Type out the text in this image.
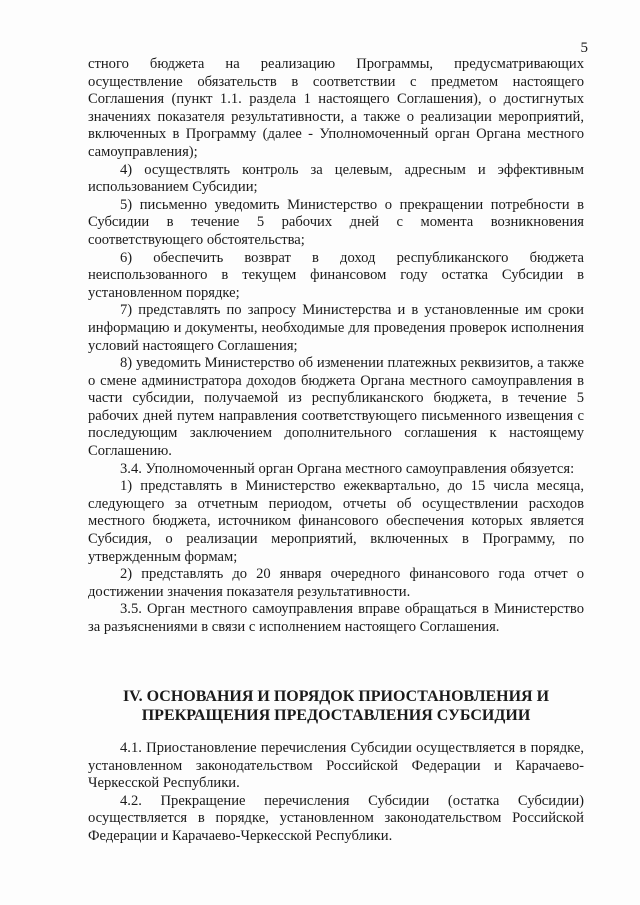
5

стного бюджета на реализацию Программы, предусматривающих осуществление обязательств в соответствии с предметом настоящего Соглашения (пункт 1.1. раздела 1 настоящего Соглашения), о достигнутых значениях показателя результативности, а также о реализации мероприятий, включенных в Программу (далее - Уполномоченный орган Органа местного самоуправления);

4) осуществлять контроль за целевым, адресным и эффективным использованием Субсидии;

5) письменно уведомить Министерство о прекращении потребности в Субсидии в течение 5 рабочих дней с момента возникновения соответствующего обстоятельства;

6) обеспечить возврат в доход республиканского бюджета неиспользованного в текущем финансовом году остатка Субсидии в установленном порядке;

7) представлять по запросу Министерства и в установленные им сроки информацию и документы, необходимые для проведения проверок исполнения условий настоящего Соглашения;

8) уведомить Министерство об изменении платежных реквизитов, а также о смене администратора доходов бюджета Органа местного самоуправления в части субсидии, получаемой из республиканского бюджета, в течение 5 рабочих дней путем направления соответствующего письменного извещения с последующим заключением дополнительного соглашения к настоящему Соглашению.

3.4. Уполномоченный орган Органа местного самоуправления обязуется:

1) представлять в Министерство ежеквартально, до 15 числа месяца, следующего за отчетным периодом, отчеты об осуществлении расходов местного бюджета, источником финансового обеспечения которых является Субсидия, о реализации мероприятий, включенных в Программу, по утвержденным формам;

2) представлять до 20 января очередного финансового года отчет о достижении значения показателя результативности.

3.5. Орган местного самоуправления вправе обращаться в Министерство за разъяснениями в связи с исполнением настоящего Соглашения.

IV. ОСНОВАНИЯ И ПОРЯДОК ПРИОСТАНОВЛЕНИЯ И
ПРЕКРАЩЕНИЯ ПРЕДОСТАВЛЕНИЯ СУБСИДИИ

4.1. Приостановление перечисления Субсидии осуществляется в порядке, установленном законодательством Российской Федерации и Карачаево-Черкесской Республики.

4.2. Прекращение перечисления Субсидии (остатка Субсидии) осуществляется в порядке, установленном законодательством Российской Федерации и Карачаево-Черкесской Республики.
